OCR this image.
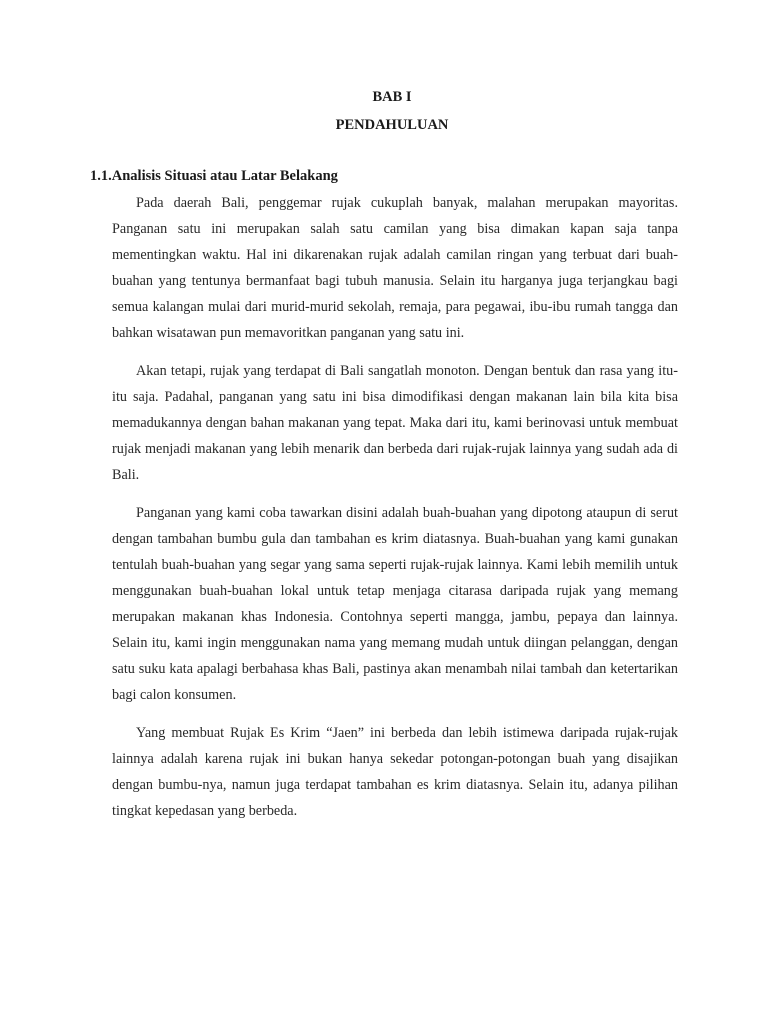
BAB I
PENDAHULUAN
1.1.Analisis Situasi atau Latar Belakang

Pada daerah Bali, penggemar rujak cukuplah banyak, malahan merupakan mayoritas. Panganan satu ini merupakan salah satu camilan yang bisa dimakan kapan saja tanpa mementingkan waktu. Hal ini dikarenakan rujak adalah camilan ringan yang terbuat dari buah-buahan yang tentunya bermanfaat bagi tubuh manusia. Selain itu harganya juga terjangkau bagi semua kalangan mulai dari murid-murid sekolah, remaja, para pegawai, ibu-ibu rumah tangga dan bahkan wisatawan pun memavoritkan panganan yang satu ini.

Akan tetapi, rujak yang terdapat di Bali sangatlah monoton. Dengan bentuk dan rasa yang itu-itu saja. Padahal, panganan yang satu ini bisa dimodifikasi dengan makanan lain bila kita bisa memadukannya dengan bahan makanan yang tepat. Maka dari itu, kami berinovasi untuk membuat rujak menjadi makanan yang lebih menarik dan berbeda dari rujak-rujak lainnya yang sudah ada di Bali.

Panganan yang kami coba tawarkan disini adalah buah-buahan yang dipotong ataupun di serut dengan tambahan bumbu gula dan tambahan es krim diatasnya. Buah-buahan yang kami gunakan tentulah buah-buahan yang segar yang sama seperti rujak-rujak lainnya. Kami lebih memilih untuk menggunakan buah-buahan lokal untuk tetap menjaga citarasa daripada rujak yang memang merupakan makanan khas Indonesia. Contohnya seperti mangga, jambu, pepaya dan lainnya. Selain itu, kami ingin menggunakan nama yang memang mudah untuk diingan pelanggan, dengan satu suku kata apalagi berbahasa khas Bali, pastinya akan menambah nilai tambah dan ketertarikan bagi calon konsumen.

Yang membuat Rujak Es Krim “Jaen” ini berbeda dan lebih istimewa daripada rujak-rujak lainnya adalah karena rujak ini bukan hanya sekedar potongan-potongan buah yang disajikan dengan bumbu-nya, namun juga terdapat tambahan es krim diatasnya. Selain itu, adanya pilihan tingkat kepedasan yang berbeda.
